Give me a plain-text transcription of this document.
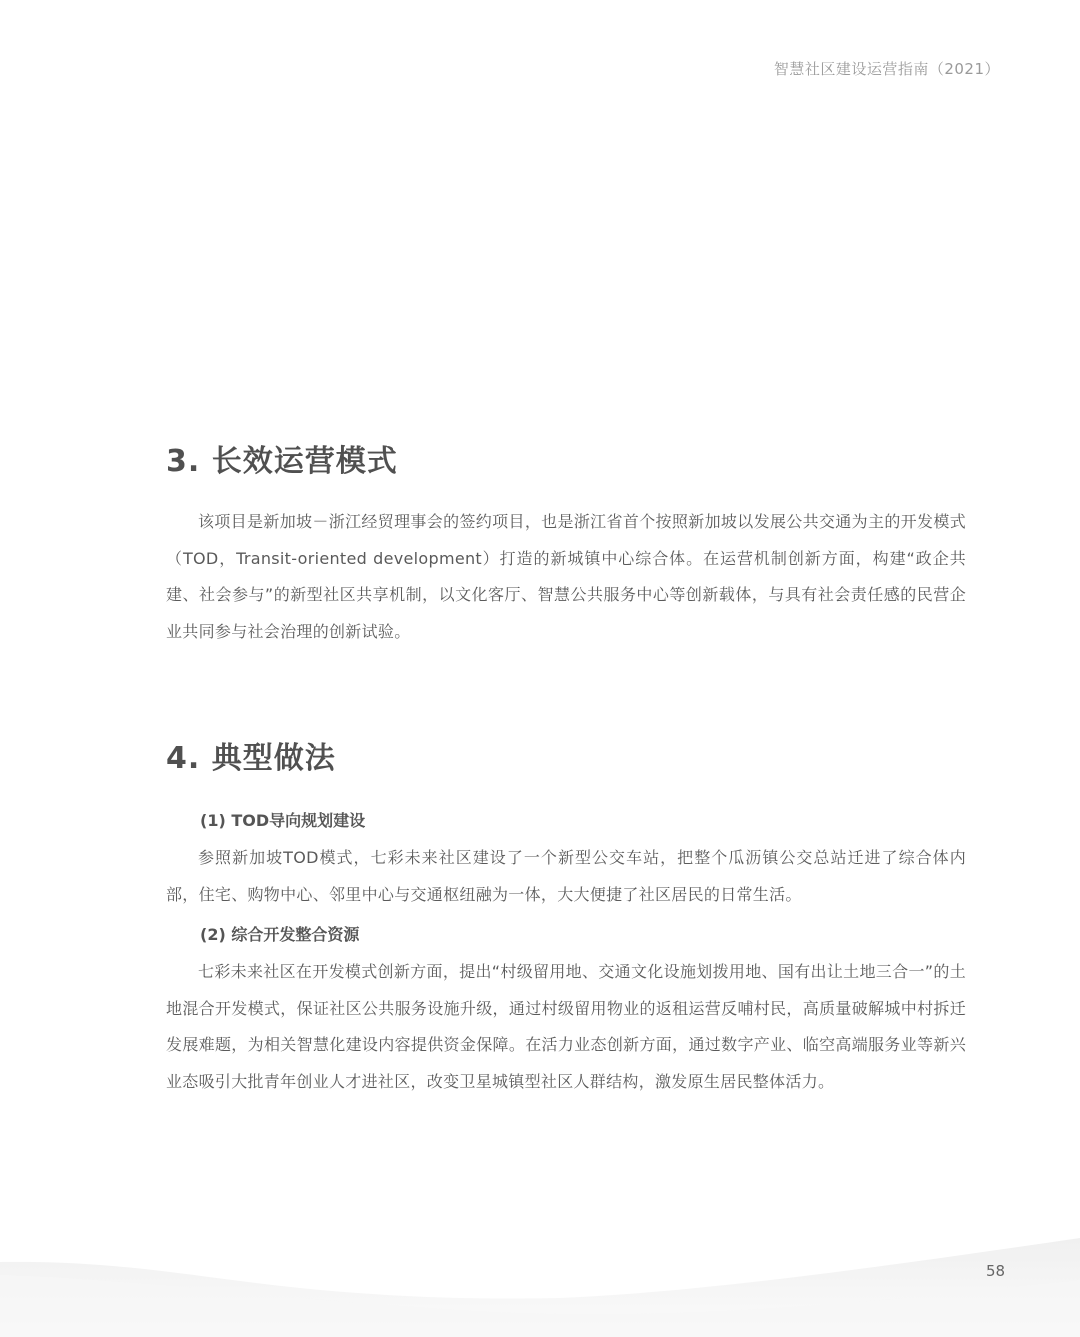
智慧社区建设运营指南（2021）
3. 长效运营模式

该项目是新加坡－浙江经贸理事会的签约项目，也是浙江省首个按照新加坡以发展公共交通为主的开发模式（TOD，Transit-oriented development）打造的新城镇中心综合体。在运营机制创新方面，构建“政企共建、社会参与”的新型社区共享机制，以文化客厅、智慧公共服务中心等创新载体，与具有社会责任感的民营企业共同参与社会治理的创新试验。

4. 典型做法
(1) TOD导向规划建设

参照新加坡TOD模式，七彩未来社区建设了一个新型公交车站，把整个瓜沥镇公交总站迁进了综合体内部，住宅、购物中心、邻里中心与交通枢纽融为一体，大大便捷了社区居民的日常生活。

(2) 综合开发整合资源

七彩未来社区在开发模式创新方面，提出“村级留用地、交通文化设施划拨用地、国有出让土地三合一”的土地混合开发模式，保证社区公共服务设施升级，通过村级留用物业的返租运营反哺村民，高质量破解城中村拆迁发展难题，为相关智慧化建设内容提供资金保障。在活力业态创新方面，通过数字产业、临空高端服务业等新兴业态吸引大批青年创业人才进社区，改变卫星城镇型社区人群结构，激发原生居民整体活力。

58
